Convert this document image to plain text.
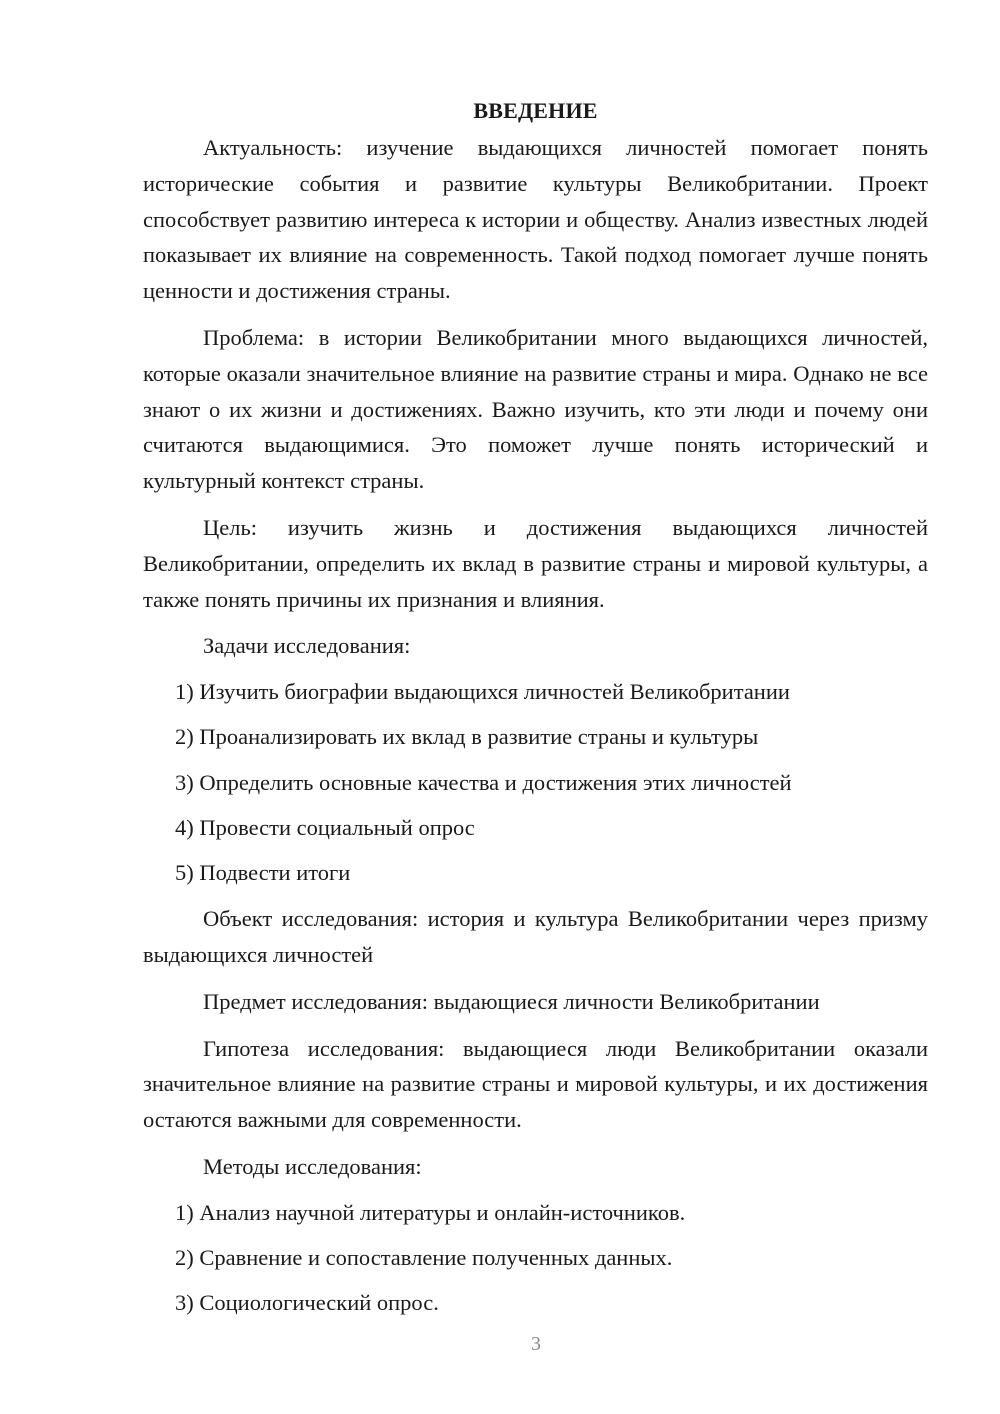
ВВЕДЕНИЕ

Актуальность: изучение выдающихся личностей помогает понять исторические события и развитие культуры Великобритании. Проект способствует развитию интереса к истории и обществу. Анализ известных людей показывает их влияние на современность. Такой подход помогает лучше понять ценности и достижения страны.

Проблема: в истории Великобритании много выдающихся личностей, которые оказали значительное влияние на развитие страны и мира. Однако не все знают о их жизни и достижениях. Важно изучить, кто эти люди и почему они считаются выдающимися. Это поможет лучше понять исторический и культурный контекст страны.

Цель: изучить жизнь и достижения выдающихся личностей Великобритании, определить их вклад в развитие страны и мировой культуры, а также понять причины их признания и влияния.

Задачи исследования:

1) Изучить биографии выдающихся личностей Великобритании
2) Проанализировать их вклад в развитие страны и культуры
3) Определить основные качества и достижения этих личностей
4) Провести социальный опрос
5) Подвести итоги

Объект исследования: история и культура Великобритании через призму выдающихся личностей

Предмет исследования: выдающиеся личности Великобритании

Гипотеза исследования: выдающиеся люди Великобритании оказали значительное влияние на развитие страны и мировой культуры, и их достижения остаются важными для современности.

Методы исследования:

1) Анализ научной литературы и онлайн-источников.
2) Сравнение и сопоставление полученных данных.
3) Социологический опрос.
3
